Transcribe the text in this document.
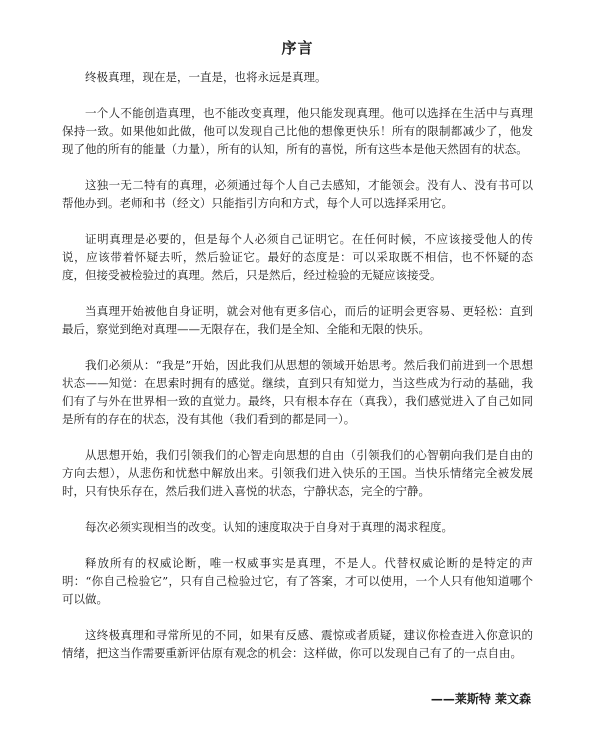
序言

终极真理，现在是，一直是，也将永远是真理。

一个人不能创造真理，也不能改变真理，他只能发现真理。他可以选择在生活中与真理保持一致。如果他如此做，他可以发现自己比他的想像更快乐！所有的限制都减少了，他发现了他的所有的能量（力量），所有的认知，所有的喜悦，所有这些本是他天然固有的状态。

这独一无二特有的真理，必须通过每个人自己去感知，才能领会。没有人、没有书可以帮他办到。老师和书（经文）只能指引方向和方式，每个人可以选择采用它。

证明真理是必要的，但是每个人必须自己证明它。在任何时候，不应该接受他人的传说，应该带着怀疑去听，然后验证它。最好的态度是：可以采取既不相信，也不怀疑的态度，但接受被检验过的真理。然后，只是然后，经过检验的无疑应该接受。

当真理开始被他自身证明，就会对他有更多信心，而后的证明会更容易、更轻松：直到最后，察觉到绝对真理——无限存在，我们是全知、全能和无限的快乐。

我们必须从：“我是”开始，因此我们从思想的领域开始思考。然后我们前进到一个思想状态——知觉：在思索时拥有的感觉。继续，直到只有知觉力，当这些成为行动的基础，我们有了与外在世界相一致的直觉力。最终，只有根本存在（真我），我们感觉进入了自己如同是所有的存在的状态，没有其他（我们看到的都是同一）。

从思想开始，我们引领我们的心智走向思想的自由（引领我们的心智朝向我们是自由的方向去想），从悲伤和忧愁中解放出来。引领我们进入快乐的王国。当快乐情绪完全被发展时，只有快乐存在，然后我们进入喜悦的状态，宁静状态，完全的宁静。

每次必须实现相当的改变。认知的速度取决于自身对于真理的渴求程度。

释放所有的权威论断，唯一权威事实是真理，不是人。代替权威论断的是特定的声明：“你自己检验它”，只有自己检验过它，有了答案，才可以使用，一个人只有他知道哪个可以做。

这终极真理和寻常所见的不同，如果有反感、震惊或者质疑，建议你检查进入你意识的情绪，把这当作需要重新评估原有观念的机会：这样做，你可以发现自己有了的一点自由。

——莱斯特 莱文森
